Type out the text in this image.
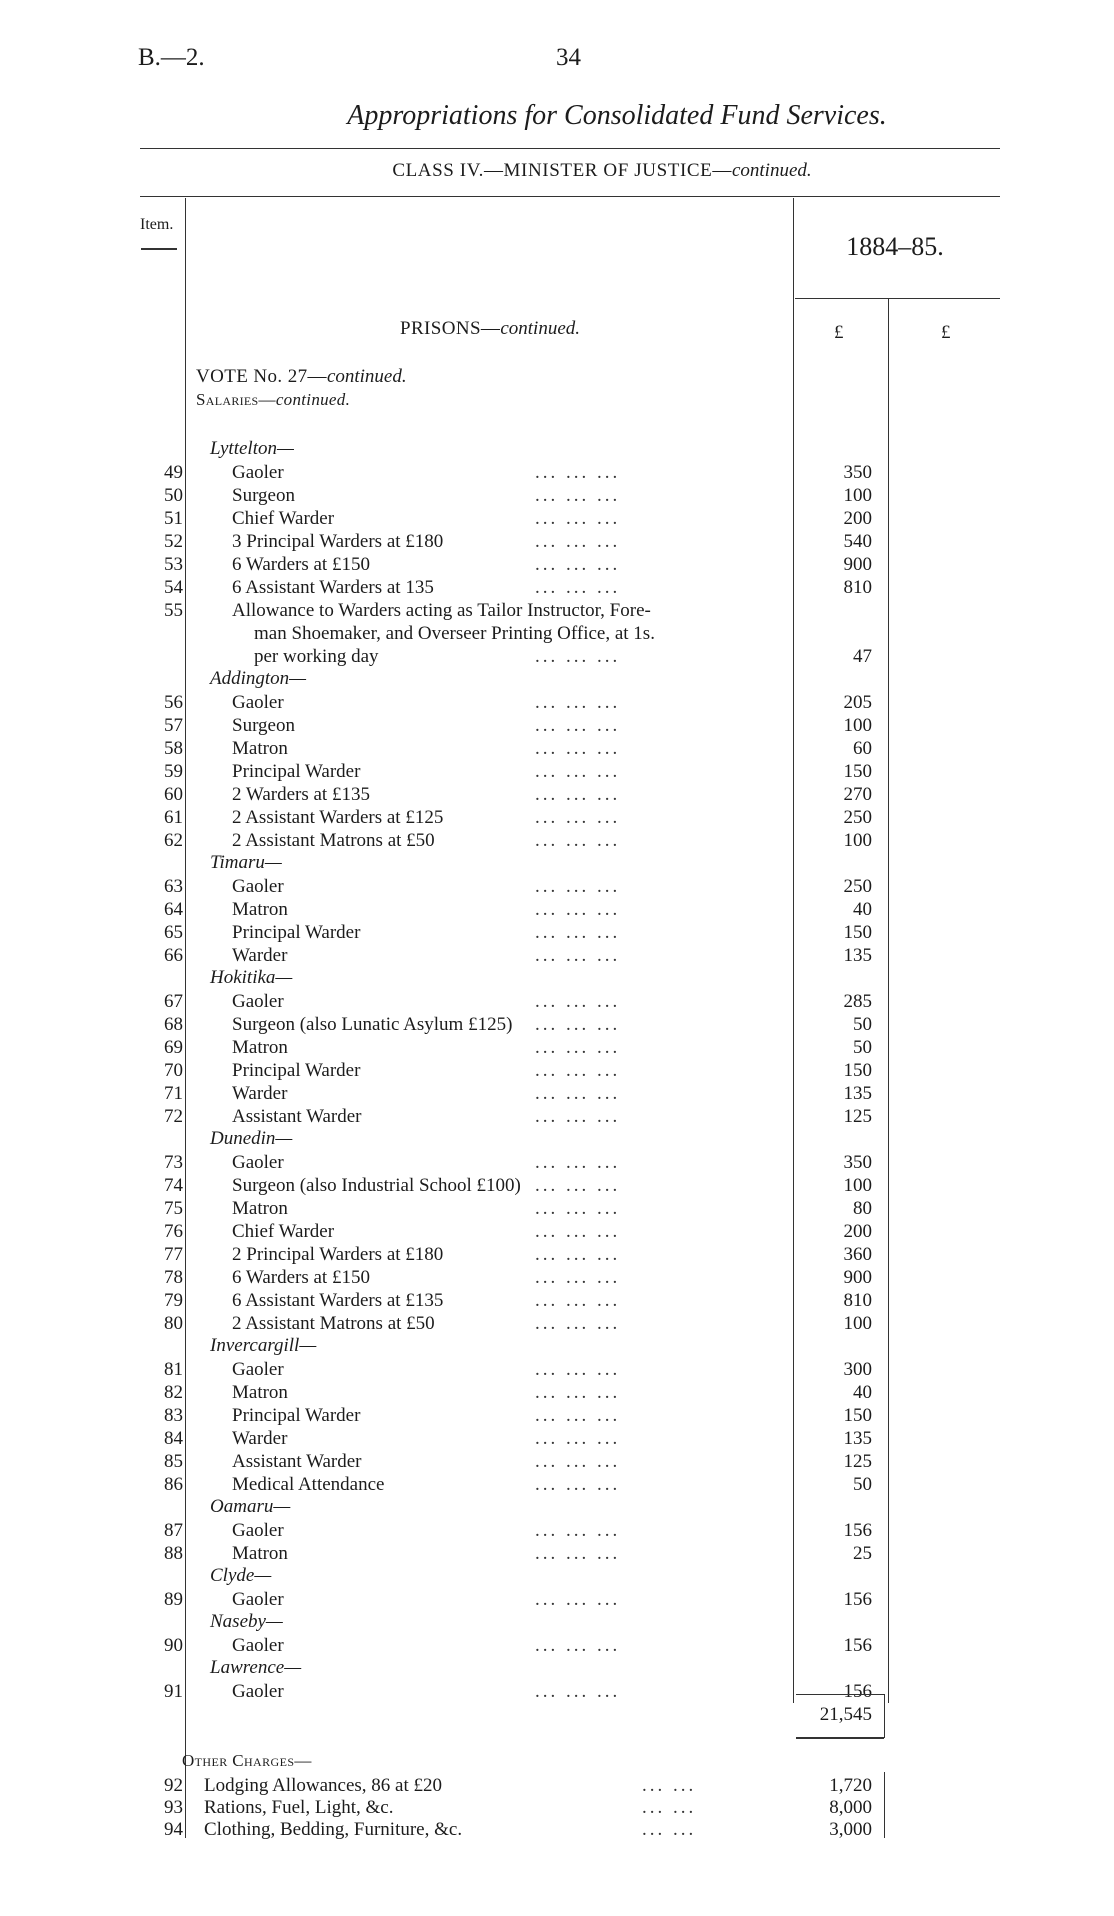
B.—2.	34
Appropriations for Consolidated Fund Services.
CLASS IV.—MINISTER OF JUSTICE—continued.
Item.
1884–85.
£	£
PRISONS—continued.
VOTE No. 27—continued.
Salaries—continued.
Lyttelton—
49	Gaoler	... ... ...	350
50	Surgeon	... ... ...	100
51	Chief Warder	... ... ...	200
52	3 Principal Warders at £180	... ... ...	540
53	6 Warders at £150	... ... ...	900
54	6 Assistant Warders at 135	... ... ...	810
55	Allowance to Warders acting as Tailor Instructor, Fore-
man Shoemaker, and Overseer Printing Office, at 1s.
per working day	... ... ...	47
Addington—
56	Gaoler	... ... ...	205
57	Surgeon	... ... ...	100
58	Matron	... ... ...	60
59	Principal Warder	... ... ...	150
60	2 Warders at £135	... ... ...	270
61	2 Assistant Warders at £125	... ... ...	250
62	2 Assistant Matrons at £50	... ... ...	100
Timaru—
63	Gaoler	... ... ...	250
64	Matron	... ... ...	40
65	Principal Warder	... ... ...	150
66	Warder	... ... ...	135
Hokitika—
67	Gaoler	... ... ...	285
68	Surgeon (also Lunatic Asylum £125) ... ... ...	50
69	Matron	... ... ...	50
70	Principal Warder	... ... ...	150
71	Warder	... ... ...	135
72	Assistant Warder	... ... ...	125
Dunedin—
73	Gaoler	... ... ...	350
74	Surgeon (also Industrial School £100) ... ... ...	100
75	Matron	... ... ...	80
76	Chief Warder	... ... ...	200
77	2 Principal Warders at £180	... ... ...	360
78	6 Warders at £150	... ... ...	900
79	6 Assistant Warders at £135	... ... ...	810
80	2 Assistant Matrons at £50	... ... ...	100
Invercargill—
81	Gaoler	... ... ...	300
82	Matron	... ... ...	40
83	Principal Warder	... ... ...	150
84	Warder	... ... ...	135
85	Assistant Warder	... ... ...	125
86	Medical Attendance	... ... ...	50
Oamaru—
87	Gaoler	... ... ...	156
88	Matron	... ... ...	25
Clyde—
89	Gaoler	... ... ...	156
Naseby—
90	Gaoler	... ... ...	156
Lawrence—
91	Gaoler	... ... ...	156
21,545
Other Charges—
92 Lodging Allowances, 86 at £20	... ...	1,720
93 Rations, Fuel, Light, &c.	... ...	8,000
94 Clothing, Bedding, Furniture, &c.	... ...	3,000
